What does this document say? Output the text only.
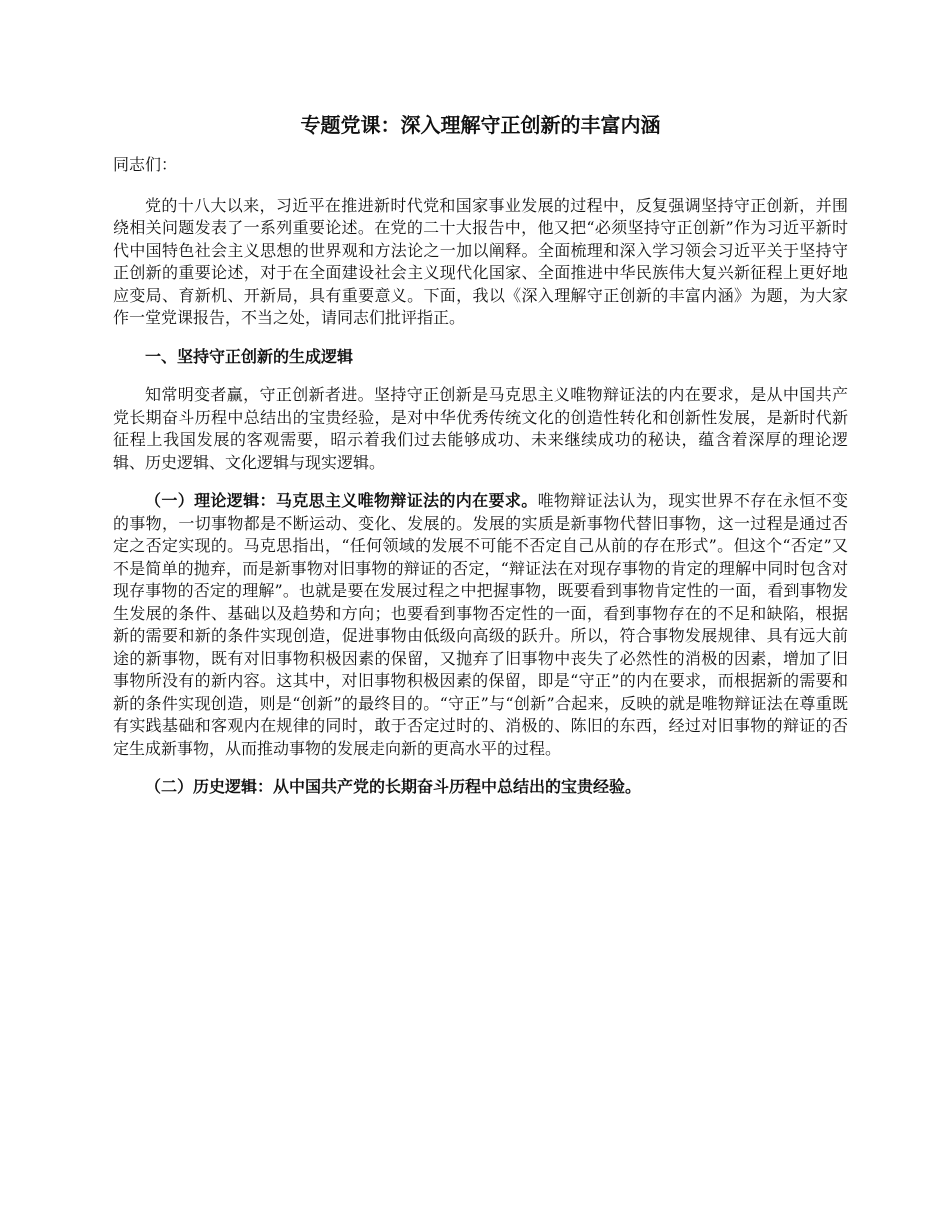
专题党课：深入理解守正创新的丰富内涵

同志们：

党的十八大以来，习近平在推进新时代党和国家事业发展的过程中，反复强调坚持守正创新，并围绕相关问题发表了一系列重要论述。在党的二十大报告中，他又把“必须坚持守正创新”作为习近平新时代中国特色社会主义思想的世界观和方法论之一加以阐释。全面梳理和深入学习领会习近平关于坚持守正创新的重要论述，对于在全面建设社会主义现代化国家、全面推进中华民族伟大复兴新征程上更好地应变局、育新机、开新局，具有重要意义。下面，我以《深入理解守正创新的丰富内涵》为题，为大家作一堂党课报告，不当之处，请同志们批评指正。

一、坚持守正创新的生成逻辑

知常明变者赢，守正创新者进。坚持守正创新是马克思主义唯物辩证法的内在要求，是从中国共产党长期奋斗历程中总结出的宝贵经验，是对中华优秀传统文化的创造性转化和创新性发展，是新时代新征程上我国发展的客观需要，昭示着我们过去能够成功、未来继续成功的秘诀，蕴含着深厚的理论逻辑、历史逻辑、文化逻辑与现实逻辑。

（一）理论逻辑：马克思主义唯物辩证法的内在要求。唯物辩证法认为，现实世界不存在永恒不变的事物，一切事物都是不断运动、变化、发展的。发展的实质是新事物代替旧事物，这一过程是通过否定之否定实现的。马克思指出，“任何领域的发展不可能不否定自己从前的存在形式”。但这个“否定”又不是简单的抛弃，而是新事物对旧事物的辩证的否定，“辩证法在对现存事物的肯定的理解中同时包含对现存事物的否定的理解”。也就是要在发展过程之中把握事物，既要看到事物肯定性的一面，看到事物发生发展的条件、基础以及趋势和方向；也要看到事物否定性的一面，看到事物存在的不足和缺陷，根据新的需要和新的条件实现创造，促进事物由低级向高级的跃升。所以，符合事物发展规律、具有远大前途的新事物，既有对旧事物积极因素的保留，又抛弃了旧事物中丧失了必然性的消极的因素，增加了旧事物所没有的新内容。这其中，对旧事物积极因素的保留，即是“守正”的内在要求，而根据新的需要和新的条件实现创造，则是“创新”的最终目的。“守正”与“创新”合起来，反映的就是唯物辩证法在尊重既有实践基础和客观内在规律的同时，敢于否定过时的、消极的、陈旧的东西，经过对旧事物的辩证的否定生成新事物，从而推动事物的发展走向新的更高水平的过程。

（二）历史逻辑：从中国共产党的长期奋斗历程中总结出的宝贵经验。
